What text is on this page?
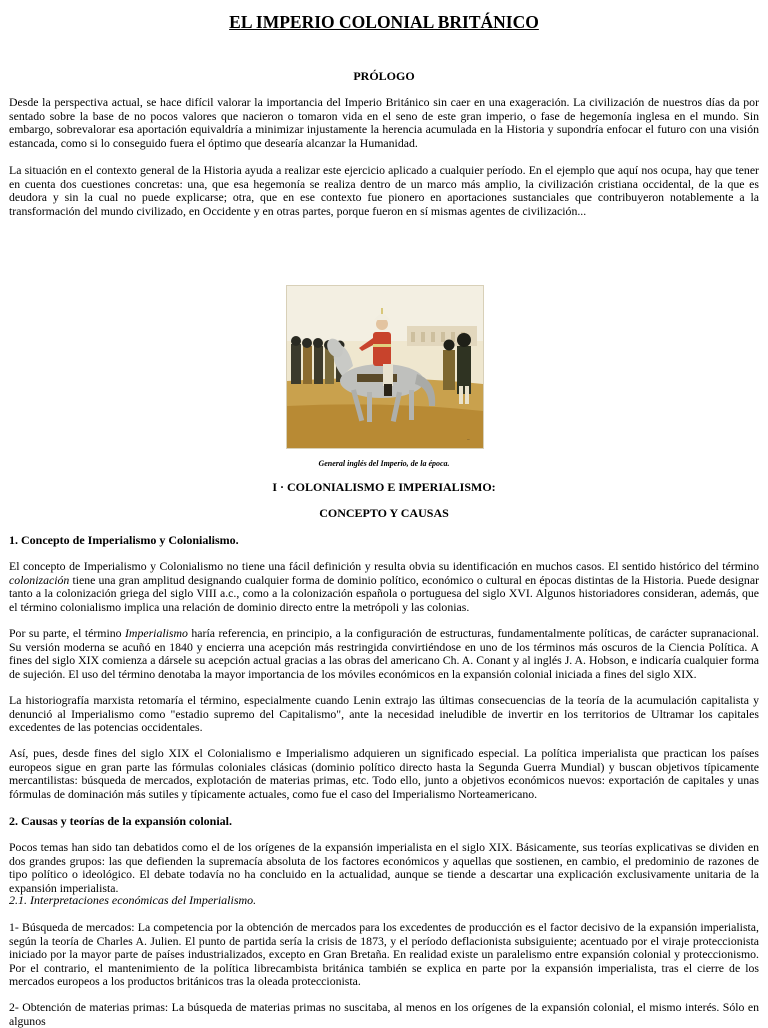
EL IMPERIO COLONIAL BRITÁNICO
PRÓLOGO

Desde la perspectiva actual, se hace difícil valorar la importancia del Imperio Británico sin caer en una exageración. La civilización de nuestros días da por sentado sobre la base de no pocos valores que nacieron o tomaron vida en el seno de este gran imperio, o fase de hegemonía inglesa en el mundo. Sin embargo, sobrevalorar esa aportación equivaldría a minimizar injustamente la herencia acumulada en la Historia y supondría enfocar el futuro con una visión estancada, como si lo conseguido fuera el óptimo que desearía alcanzar la Humanidad.

La situación en el contexto general de la Historia ayuda a realizar este ejercicio aplicado a cualquier período. En el ejemplo que aquí nos ocupa, hay que tener en cuenta dos cuestiones concretas: una, que esa hegemonía se realiza dentro de un marco más amplio, la civilización cristiana occidental, de la que es deudora y sin la cual no puede explicarse; otra, que en ese contexto fue pionero en aportaciones sustanciales que contribuyeron notablemente a la transformación del mundo civilizado, en Occidente y en otras partes, porque fueron en sí mismas agentes de civilización...

~
General inglés del Imperio, de la época.
I · COLONIALISMO E IMPERIALISMO:
CONCEPTO Y CAUSAS
1. Concepto de Imperialismo y Colonialismo.

El concepto de Imperialismo y Colonialismo no tiene una fácil definición y resulta obvia su identificación en muchos casos. El sentido histórico del término colonización tiene una gran amplitud designando cualquier forma de dominio político, económico o cultural en épocas distintas de la Historia. Puede designar tanto a la colonización griega del siglo VIII a.c., como a la colonización española o portuguesa del siglo XVI. Algunos historiadores consideran, además, que el término colonialismo implica una relación de dominio directo entre la metrópoli y las colonias.

Por su parte, el término Imperialismo haría referencia, en principio, a la configuración de estructuras, fundamentalmente políticas, de carácter supranacional. Su versión moderna se acuñó en 1840 y encierra una acepción más restringida convirtiéndose en uno de los términos más oscuros de la Ciencia Política. A fines del siglo XIX comienza a dársele su acepción actual gracias a las obras del americano Ch. A. Conant y al inglés J. A. Hobson, e indicaría cualquier forma de sujeción. El uso del término denotaba la mayor importancia de los móviles económicos en la expansión colonial iniciada a fines del siglo XIX.

La historiografía marxista retomaría el término, especialmente cuando Lenin extrajo las últimas consecuencias de la teoría de la acumulación capitalista y denunció al Imperialismo como "estadio supremo del Capitalismo", ante la necesidad ineludible de invertir en los territorios de Ultramar los capitales excedentes de las potencias occidentales.

Así, pues, desde fines del siglo XIX el Colonialismo e Imperialismo adquieren un significado especial. La política imperialista que practican los países europeos sigue en gran parte las fórmulas coloniales clásicas (dominio político directo hasta la Segunda Guerra Mundial) y buscan objetivos típicamente mercantilistas: búsqueda de mercados, explotación de materias primas, etc. Todo ello, junto a objetivos económicos nuevos: exportación de capitales y unas fórmulas de dominación más sutiles y típicamente actuales, como fue el caso del Imperialismo Norteamericano.

2. Causas y teorías de la expansión colonial.

Pocos temas han sido tan debatidos como el de los orígenes de la expansión imperialista en el siglo XIX. Básicamente, sus teorías explicativas se dividen en dos grandes grupos: las que defienden la supremacía absoluta de los factores económicos y aquellas que sostienen, en cambio, el predominio de razones de tipo político o ideológico. El debate todavía no ha concluido en la actualidad, aunque se tiende a descartar una explicación exclusivamente unitaria de la expansión imperialista.

2.1. Interpretaciones económicas del Imperialismo.

1- Búsqueda de mercados: La competencia por la obtención de mercados para los excedentes de producción es el factor decisivo de la expansión imperialista, según la teoría de Charles A. Julien. El punto de partida sería la crisis de 1873, y el período deflacionista subsiguiente; acentuado por el viraje proteccionista iniciado por la mayor parte de países industrializados, excepto en Gran Bretaña. En realidad existe un paralelismo entre expansión colonial y proteccionismo. Por el contrario, el mantenimiento de la política librecambista británica también se explica en parte por la expansión imperialista, tras el cierre de los mercados europeos a los productos británicos tras la oleada proteccionista.

2- Obtención de materias primas: La búsqueda de materias primas no suscitaba, al menos en los orígenes de la expansión colonial, el mismo interés. Sólo en algunos
